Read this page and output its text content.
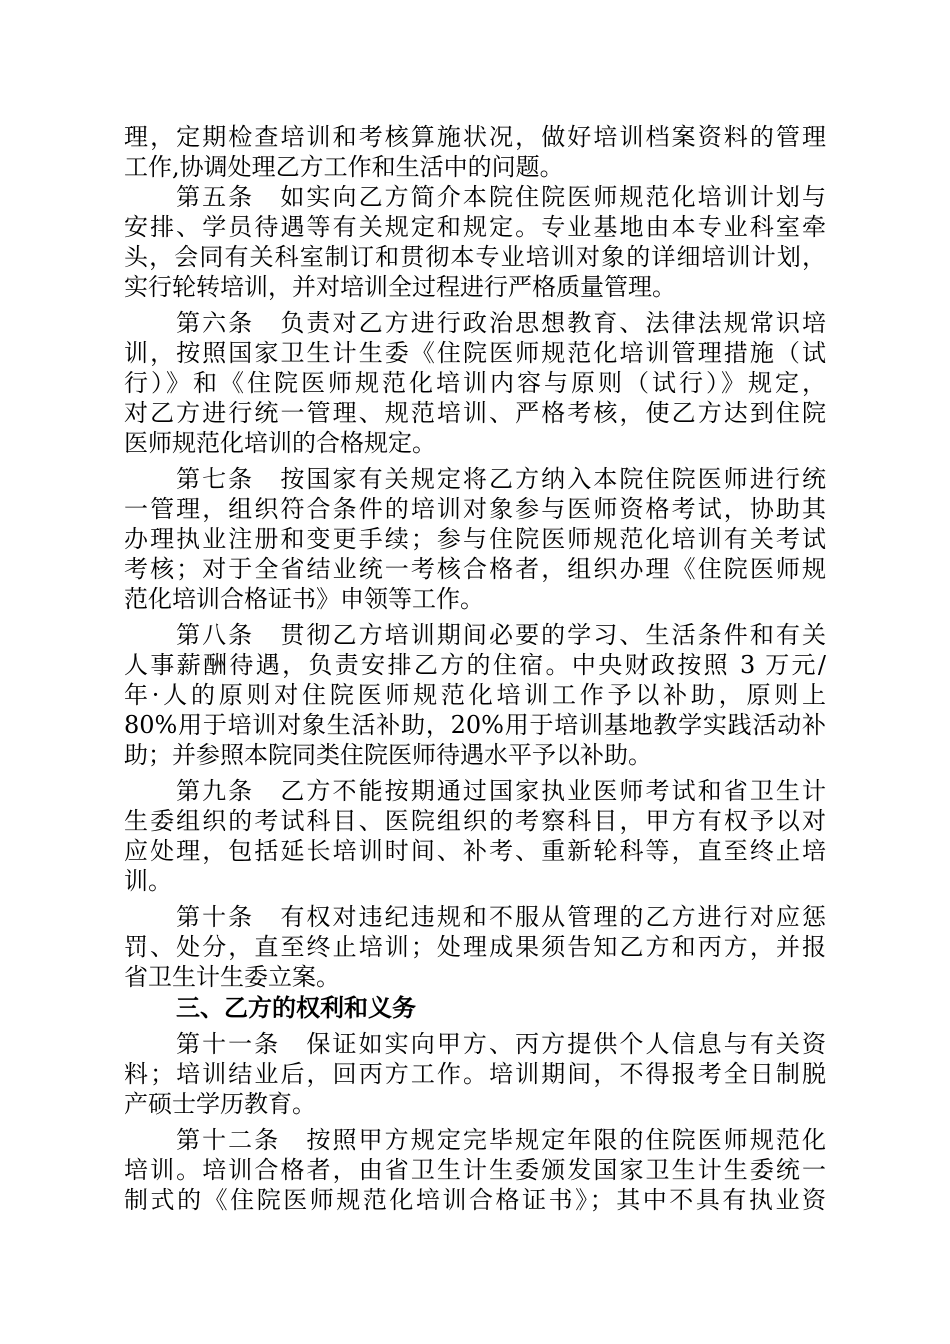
理，定期检查培训和考核算施状况，做好培训档案资料的管理
工作,协调处理乙方工作和生活中的问题。
第五条　如实向乙方简介本院住院医师规范化培训计划与
安排、学员待遇等有关规定和规定。专业基地由本专业科室牵
头，会同有关科室制订和贯彻本专业培训对象的详细培训计划，
实行轮转培训，并对培训全过程进行严格质量管理。
第六条　负责对乙方进行政治思想教育、法律法规常识培
训，按照国家卫生计生委《住院医师规范化培训管理措施（试
行）》和《住院医师规范化培训内容与原则（试行）》规定，
对乙方进行统一管理、规范培训、严格考核，使乙方达到住院
医师规范化培训的合格规定。
第七条　按国家有关规定将乙方纳入本院住院医师进行统
一管理，组织符合条件的培训对象参与医师资格考试，协助其
办理执业注册和变更手续；参与住院医师规范化培训有关考试
考核；对于全省结业统一考核合格者，组织办理《住院医师规
范化培训合格证书》申领等工作。
第八条　贯彻乙方培训期间必要的学习、生活条件和有关
人事薪酬待遇，负责安排乙方的住宿。中央财政按照 3 万元/
年·人的原则对住院医师规范化培训工作予以补助，原则上
80%用于培训对象生活补助，20%用于培训基地教学实践活动补
助；并参照本院同类住院医师待遇水平予以补助。
第九条　乙方不能按期通过国家执业医师考试和省卫生计
生委组织的考试科目、医院组织的考察科目，甲方有权予以对
应处理，包括延长培训时间、补考、重新轮科等，直至终止培
训。
第十条　有权对违纪违规和不服从管理的乙方进行对应惩
罚、处分，直至终止培训；处理成果须告知乙方和丙方，并报
省卫生计生委立案。
三、乙方的权利和义务
第十一条　保证如实向甲方、丙方提供个人信息与有关资
料；培训结业后，回丙方工作。培训期间，不得报考全日制脱
产硕士学历教育。
第十二条　按照甲方规定完毕规定年限的住院医师规范化
培训。培训合格者，由省卫生计生委颁发国家卫生计生委统一
制式的《住院医师规范化培训合格证书》；其中不具有执业资
